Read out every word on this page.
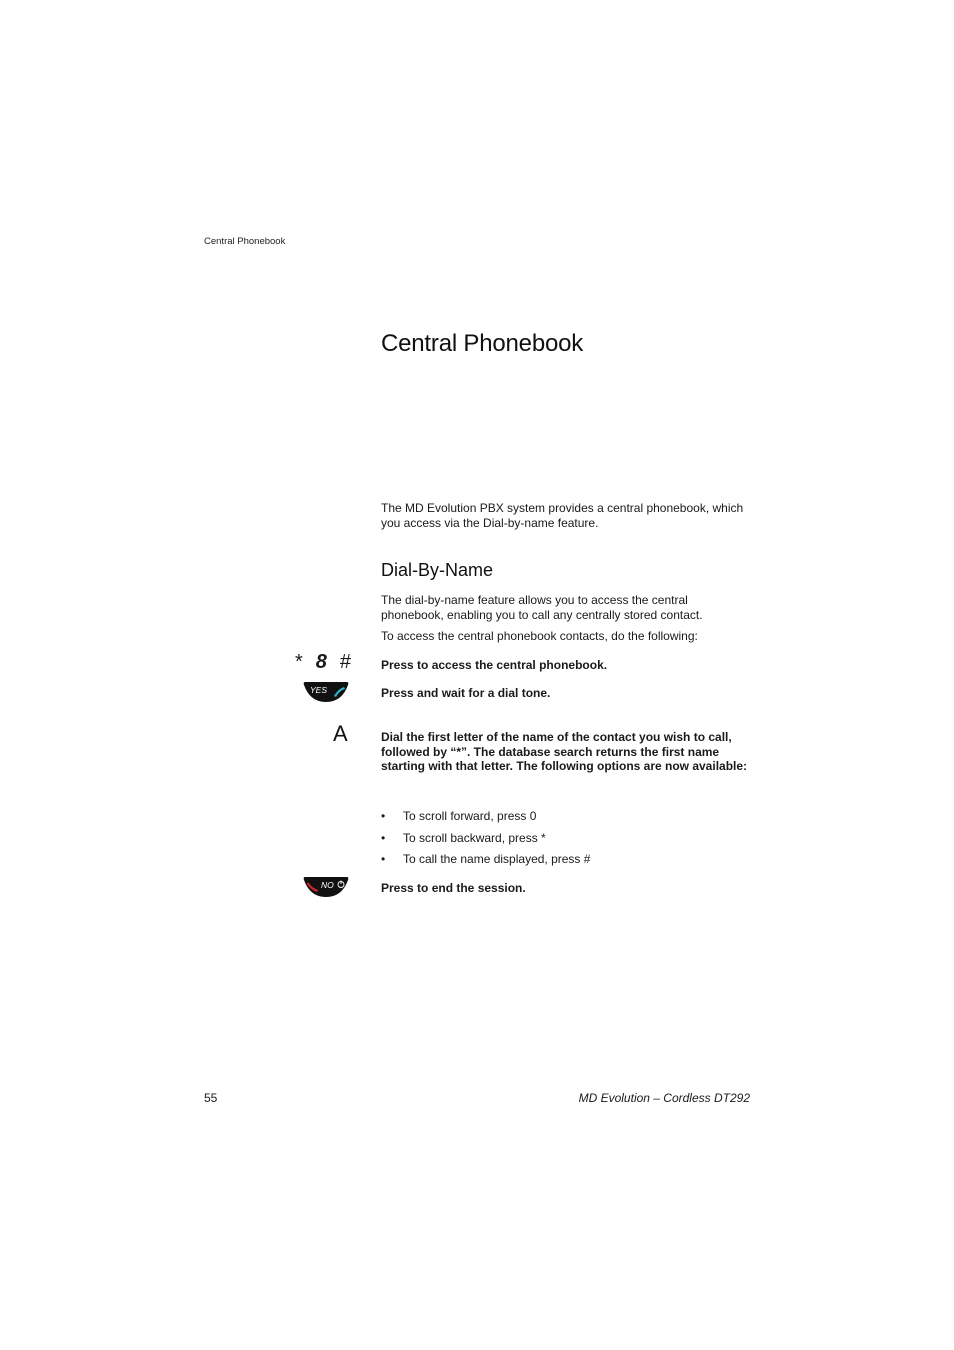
Central Phonebook
Central Phonebook

The MD Evolution PBX system provides a central phonebook, which you access via the Dial-by-name feature.

Dial-By-Name

The dial-by-name feature allows you to access the central phonebook, enabling you to call any centrally stored contact.

To access the central phonebook contacts, do the following:

* 8 #	Press to access the central phonebook.

YES	Press and wait for a dial tone.

A	Dial the first letter of the name of the contact you wish to call, followed by “*”. The database search returns the first name starting with that letter. The following options are now available:

• To scroll forward, press 0
• To scroll backward, press *
• To call the name displayed, press #
NO	Press to end the session.

55	MD Evolution – Cordless DT292
